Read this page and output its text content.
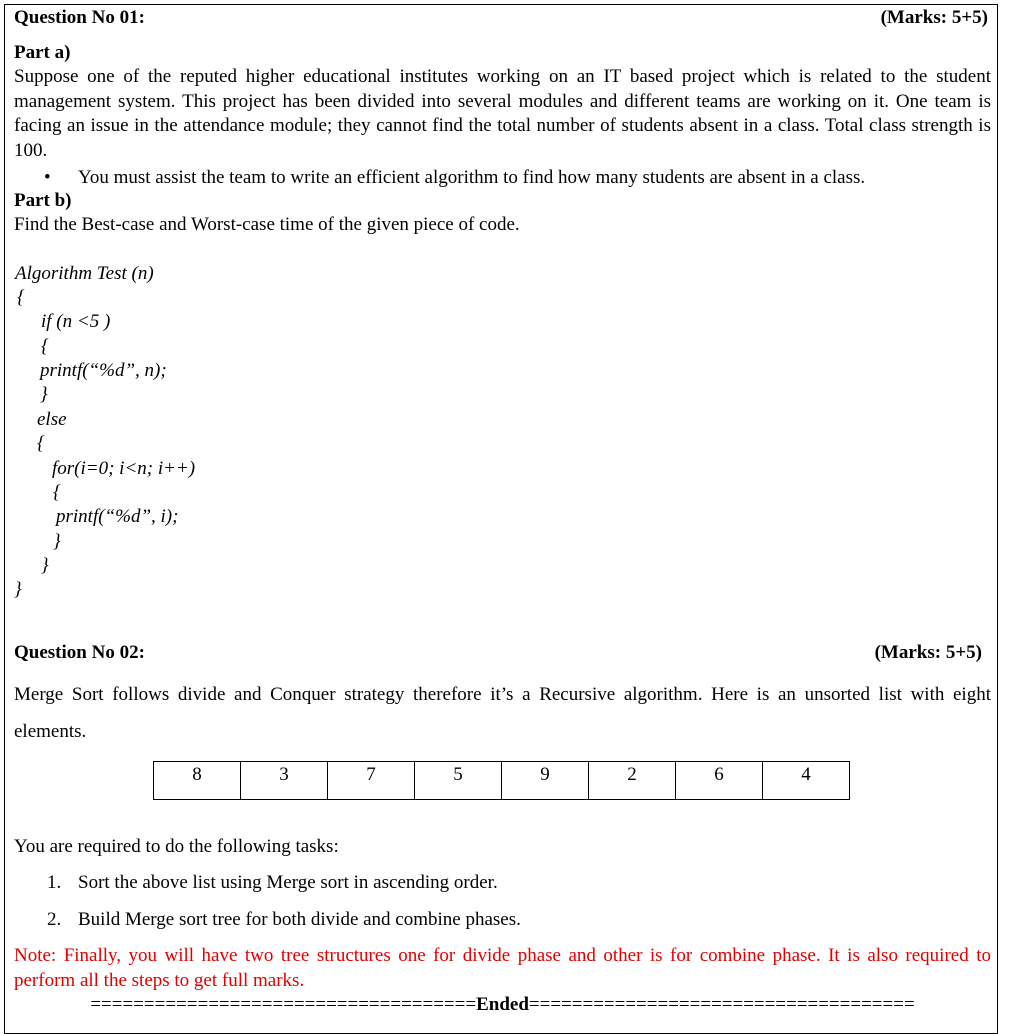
Question No 01:	(Marks: 5+5)
Part a)
Suppose one of the reputed higher educational institutes working on an IT based project which is related to the student management system. This project has been divided into several modules and different teams are working on it. One team is facing an issue in the attendance module; they cannot find the total number of students absent in a class. Total class strength is 100.
• You must assist the team to write an efficient algorithm to find how many students are absent in a class.
Part b)
Find the Best-case and Worst-case time of the given piece of code.
Algorithm Test (n)
{
if (n <5 )
{
printf(“%d”, n);
}
else
{
for(i=0; i<n; i++)
{
printf(“%d”, i);
}
}
}
Question No 02:	(Marks: 5+5)
Merge Sort follows divide and Conquer strategy therefore it’s a Recursive algorithm. Here is an unsorted list with eight elements.
8	3	7	5	9	2	6	4
You are required to do the following tasks:
1. Sort the above list using Merge sort in ascending order.
2. Build Merge sort tree for both divide and combine phases.
Note: Finally, you will have two tree structures one for divide phase and other is for combine phase. It is also required to perform all the steps to get full marks.
====================================Ended====================================
